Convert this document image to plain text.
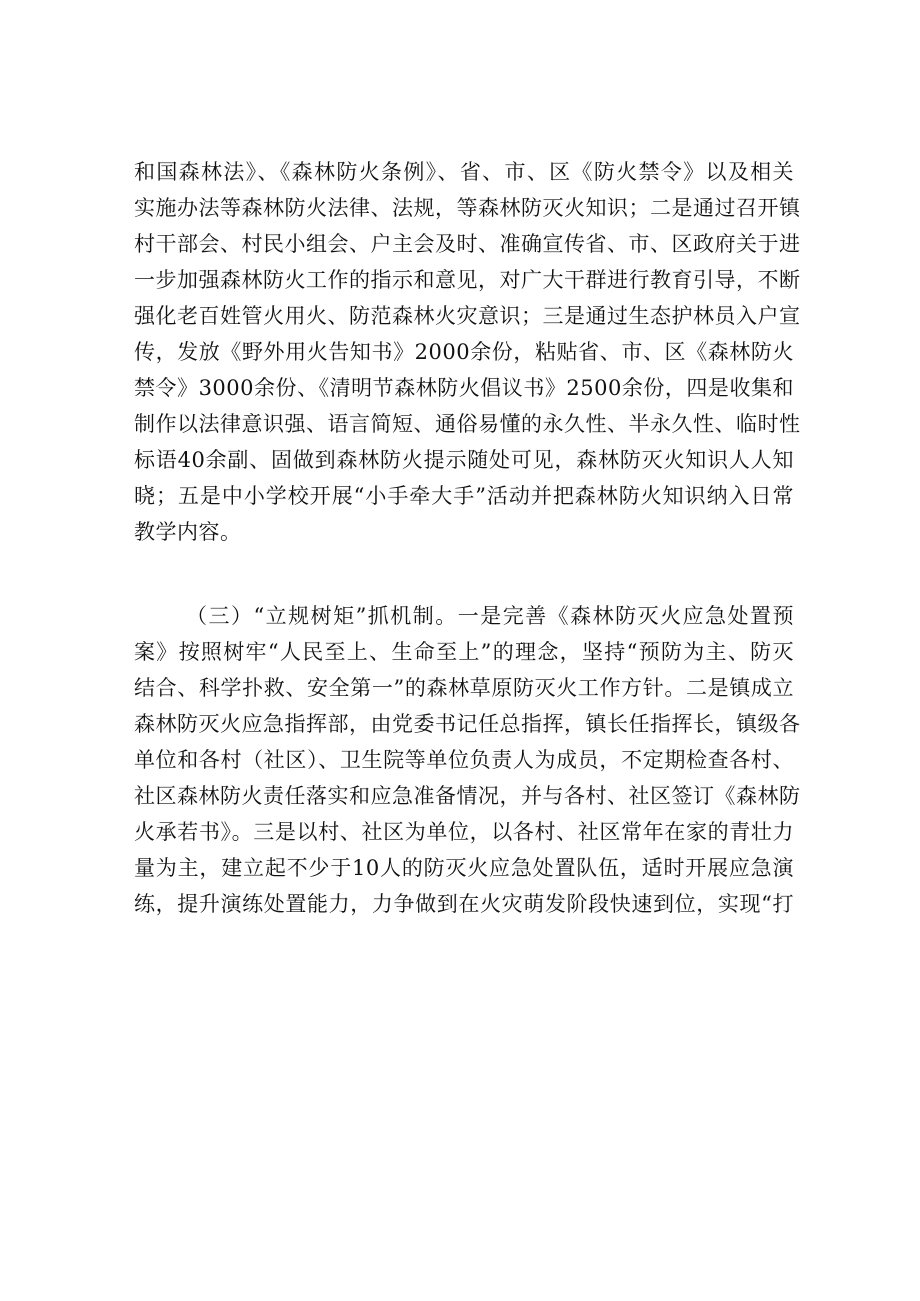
和国森林法》、《森林防火条例》、省、市、区《防火禁令》以及相关
实施办法等森林防火法律、法规，等森林防灭火知识；二是通过召开镇
村干部会、村民小组会、户主会及时、准确宣传省、市、区政府关于进
一步加强森林防火工作的指示和意见，对广大干群进行教育引导，不断
强化老百姓管火用火、防范森林火灾意识；三是通过生态护林员入户宣
传，发放《野外用火告知书》2000余份，粘贴省、市、区《森林防火
禁令》3000余份、《清明节森林防火倡议书》2500余份，四是收集和
制作以法律意识强、语言简短、通俗易懂的永久性、半永久性、临时性
标语40余副、固做到森林防火提示随处可见，森林防灭火知识人人知
晓；五是中小学校开展“小手牵大手”活动并把森林防火知识纳入日常
教学内容。
（三）“立规树矩”抓机制。一是完善《森林防灭火应急处置预
案》按照树牢“人民至上、生命至上”的理念，坚持“预防为主、防灭
结合、科学扑救、安全第一”的森林草原防灭火工作方针。二是镇成立
森林防灭火应急指挥部，由党委书记任总指挥，镇长任指挥长，镇级各
单位和各村（社区）、卫生院等单位负责人为成员，不定期检查各村、
社区森林防火责任落实和应急准备情况，并与各村、社区签订《森林防
火承若书》。三是以村、社区为单位，以各村、社区常年在家的青壮力
量为主，建立起不少于10人的防灭火应急处置队伍，适时开展应急演
练，提升演练处置能力，力争做到在火灾萌发阶段快速到位，实现“打
